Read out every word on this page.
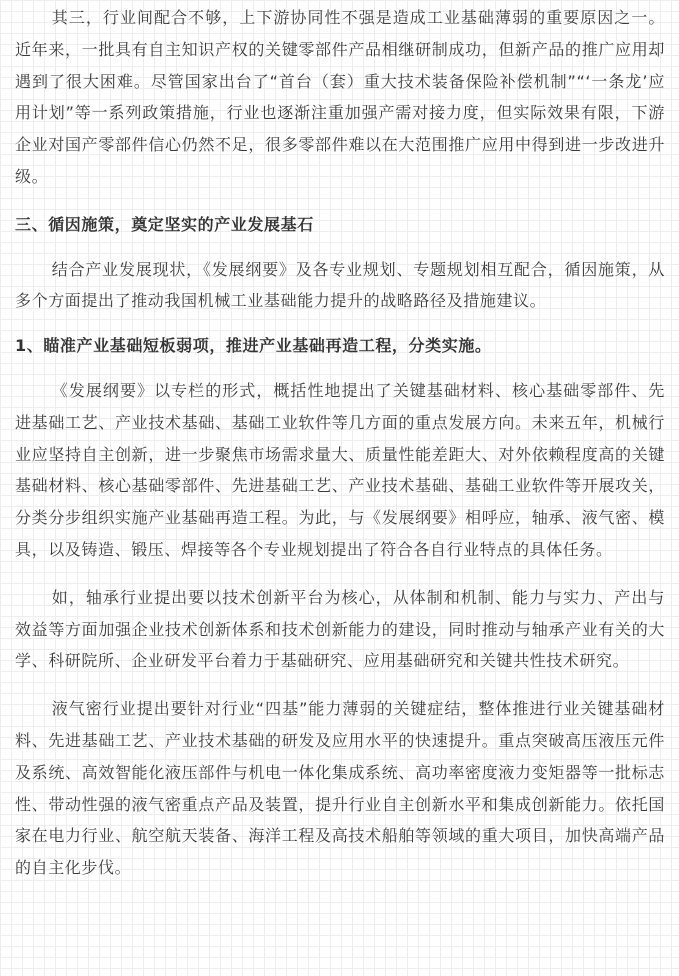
其三，行业间配合不够，上下游协同性不强是造成工业基础薄弱的重要原因之一。近年来，一批具有自主知识产权的关键零部件产品相继研制成功，但新产品的推广应用却遇到了很大困难。尽管国家出台了“首台（套）重大技术装备保险补偿机制”“‘一条龙’应用计划”等一系列政策措施，行业也逐渐注重加强产需对接力度，但实际效果有限，下游企业对国产零部件信心仍然不足，很多零部件难以在大范围推广应用中得到进一步改进升级。

三、循因施策，奠定坚实的产业发展基石

结合产业发展现状，《发展纲要》及各专业规划、专题规划相互配合，循因施策，从多个方面提出了推动我国机械工业基础能力提升的战略路径及措施建议。

1、瞄准产业基础短板弱项，推进产业基础再造工程，分类实施。

《发展纲要》以专栏的形式，概括性地提出了关键基础材料、核心基础零部件、先进基础工艺、产业技术基础、基础工业软件等几方面的重点发展方向。未来五年，机械行业应坚持自主创新，进一步聚焦市场需求量大、质量性能差距大、对外依赖程度高的关键基础材料、核心基础零部件、先进基础工艺、产业技术基础、基础工业软件等开展攻关，分类分步组织实施产业基础再造工程。为此，与《发展纲要》相呼应，轴承、液气密、模具，以及铸造、锻压、焊接等各个专业规划提出了符合各自行业特点的具体任务。

如，轴承行业提出要以技术创新平台为核心，从体制和机制、能力与实力、产出与效益等方面加强企业技术创新体系和技术创新能力的建设，同时推动与轴承产业有关的大学、科研院所、企业研发平台着力于基础研究、应用基础研究和关键共性技术研究。

液气密行业提出要针对行业“四基”能力薄弱的关键症结，整体推进行业关键基础材料、先进基础工艺、产业技术基础的研发及应用水平的快速提升。重点突破高压液压元件及系统、高效智能化液压部件与机电一体化集成系统、高功率密度液力变矩器等一批标志性、带动性强的液气密重点产品及装置，提升行业自主创新水平和集成创新能力。依托国家在电力行业、航空航天装备、海洋工程及高技术船舶等领域的重大项目，加快高端产品的自主化步伐。
